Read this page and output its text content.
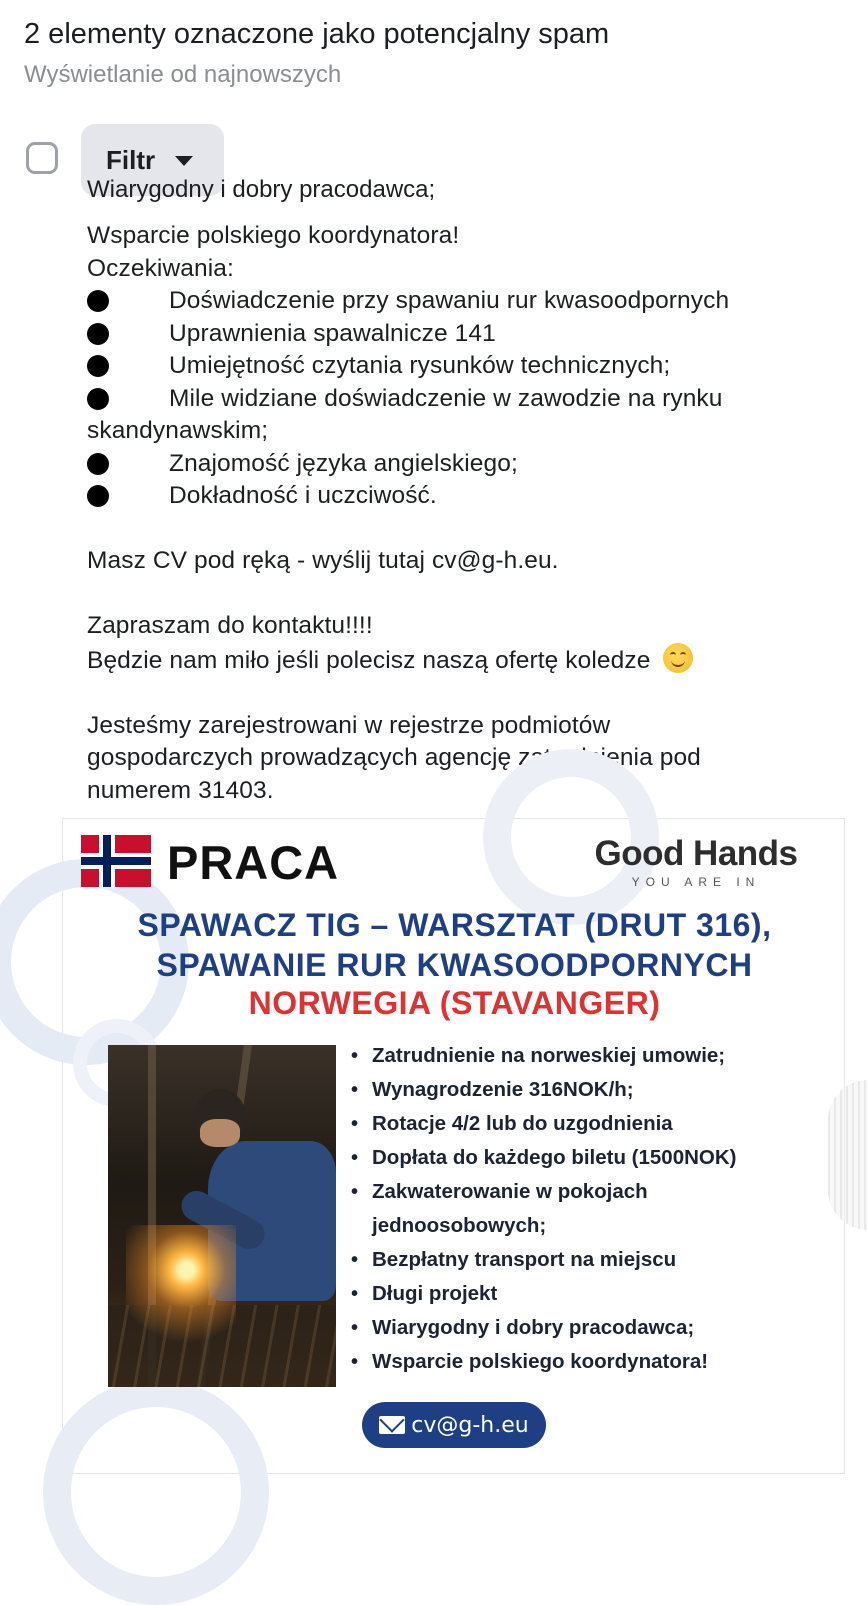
2 elementy oznaczone jako potencjalny spam
Wyświetlanie od najnowszych
Filtr
Wiarygodny i dobry pracodawca;

Wsparcie polskiego koordynatora!

Oczekiwania:

Doświadczenie przy spawaniu rur kwasoodpornych
Uprawnienia spawalnicze 141
Umiejętność czytania rysunków technicznych;
Mile widziane doświadczenie w zawodzie na rynku

skandynawskim;

Znajomość języka angielskiego;
Dokładność i uczciwość.

Masz CV pod ręką - wyślij tutaj cv@g-h.eu.

Zapraszam do kontaktu!!!!

Będzie nam miło jeśli polecisz naszą ofertę koledze

Jesteśmy zarejestrowani w rejestrze podmiotów

gospodarczych prowadzących agencję zatrudnienia pod

numerem 31403.

PRACA	Good Hands
YOU ARE IN
SPAWACZ TIG – WARSZTAT (DRUT 316),
SPAWANIE RUR KWASOODPORNYCH
NORWEGIA (STAVANGER)
• Zatrudnienie na norweskiej umowie;
• Wynagrodzenie 316NOK/h;
• Rotacje 4/2 lub do uzgodnienia
• Dopłata do każdego biletu (1500NOK)
• Zakwaterowanie w pokojach
jednoosobowych;
• Bezpłatny transport na miejscu
• Długi projekt
• Wiarygodny i dobry pracodawca;
• Wsparcie polskiego koordynatora!
cv@g-h.eu
